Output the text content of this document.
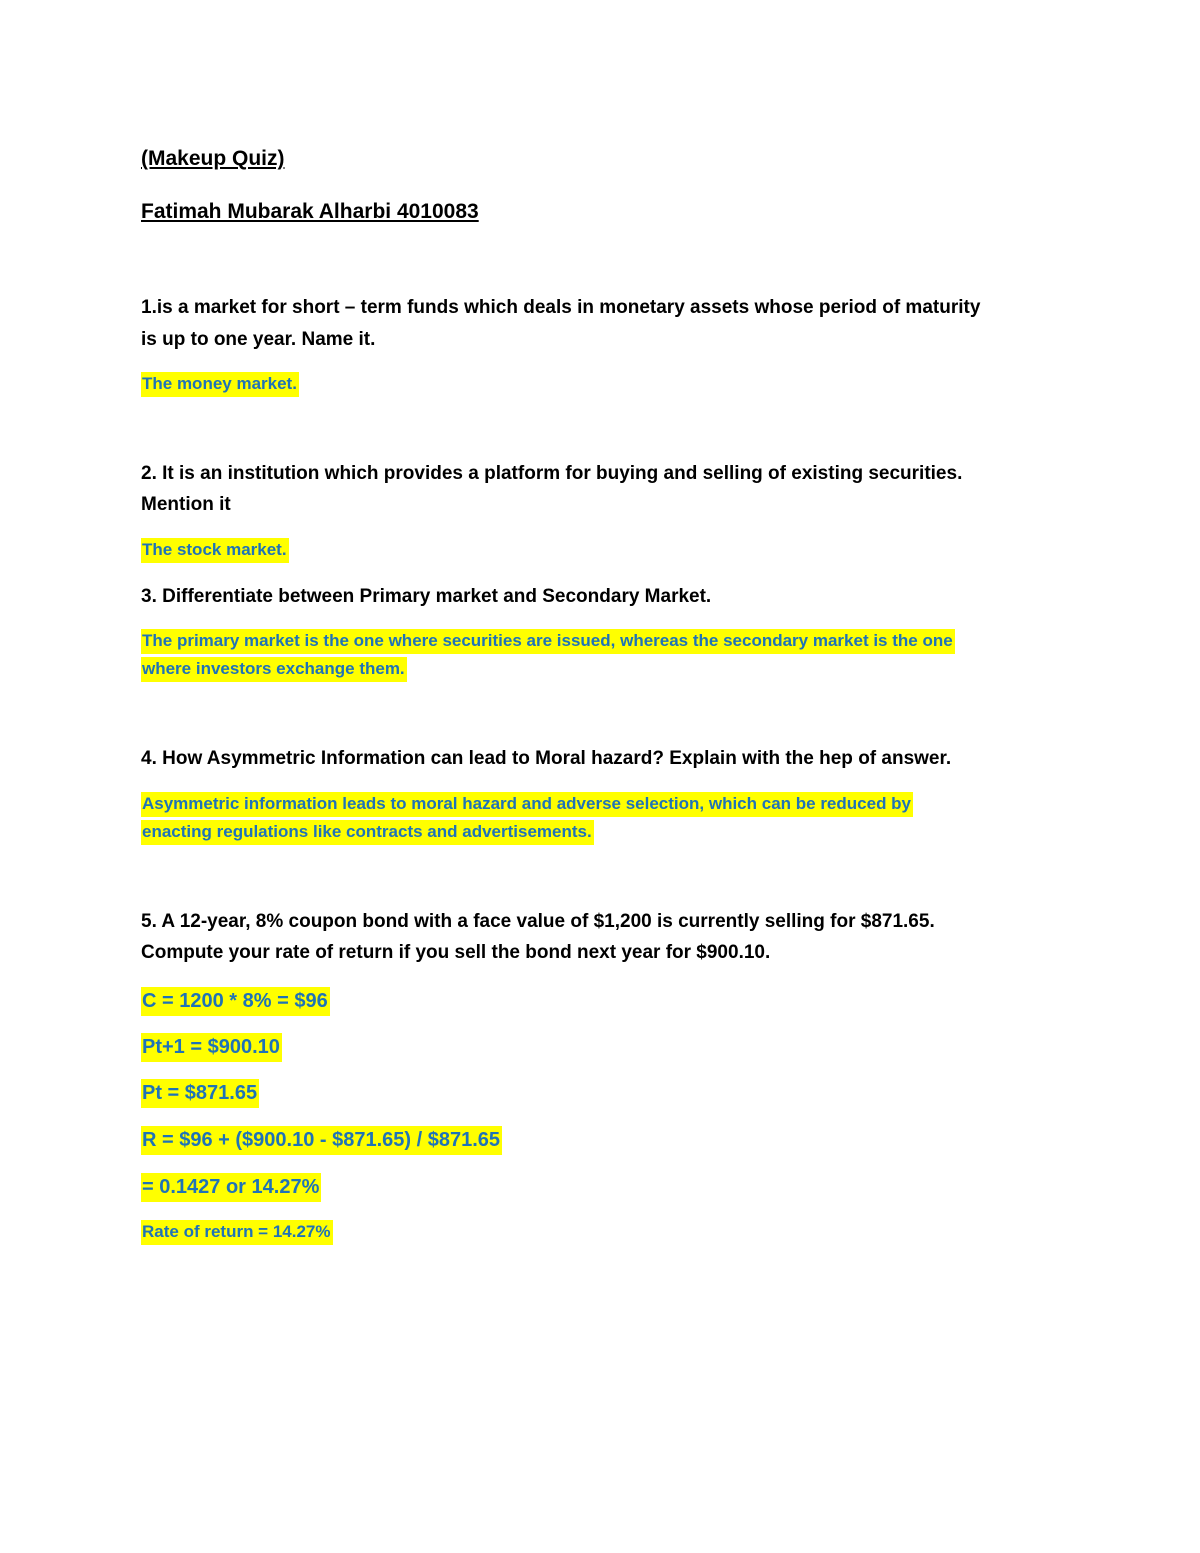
(Makeup Quiz)
Fatimah Mubarak Alharbi 4010083
1.is a market for short – term funds which deals in monetary assets whose period of maturity
is up to one year. Name it.
The money market.
2. It is an institution which provides a platform for buying and selling of existing securities.
Mention it
The stock market.
3. Differentiate between Primary market and Secondary Market.
The primary market is the one where securities are issued, whereas the secondary market is the one
where investors exchange them.
4. How Asymmetric Information can lead to Moral hazard? Explain with the hep of answer.
Asymmetric information leads to moral hazard and adverse selection, which can be reduced by
enacting regulations like contracts and advertisements.
5. A 12-year, 8% coupon bond with a face value of $1,200 is currently selling for $871.65.
Compute your rate of return if you sell the bond next year for $900.10.
C = 1200 * 8% = $96
Pt+1 = $900.10
Pt = $871.65
R = $96 + ($900.10 - $871.65) / $871.65
= 0.1427 or 14.27%
Rate of return = 14.27%
